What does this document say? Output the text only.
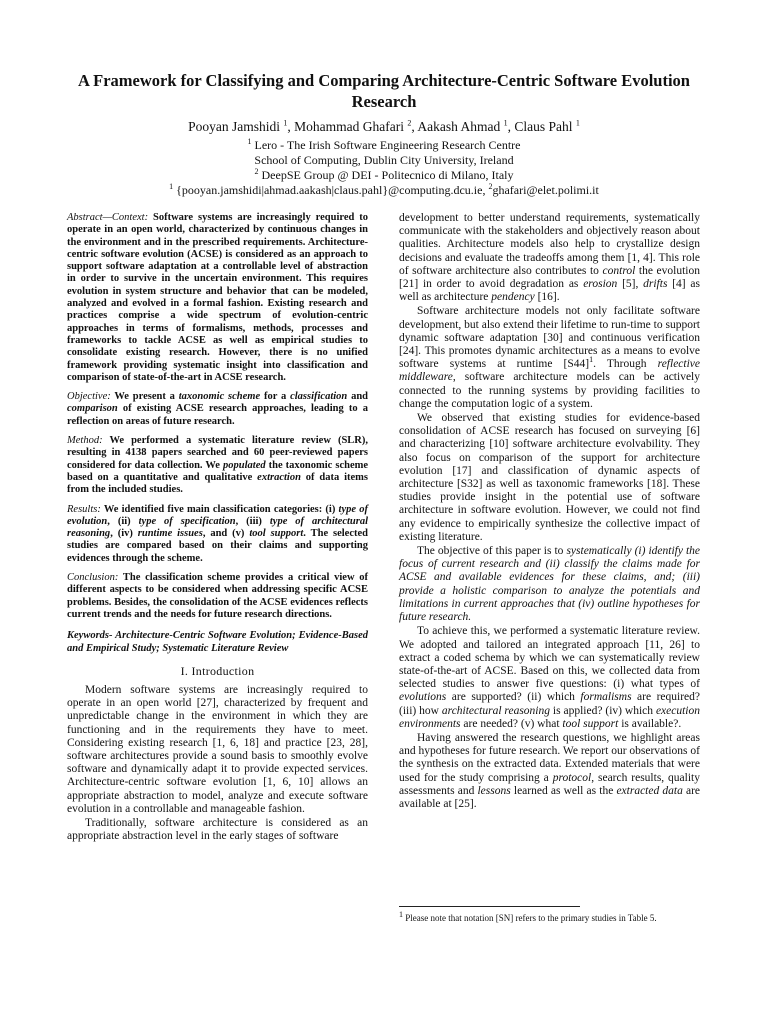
A Framework for Classifying and Comparing Architecture-Centric Software Evolution Research
Pooyan Jamshidi $^1$, Mohammad Ghafari $^2$, Aakash Ahmad $^1$, Claus Pahl $^1$
$^1$ Lero - The Irish Software Engineering Research Centre
School of Computing, Dublin City University, Ireland
$^2$ DeepSE Group @ DEI - Politecnico di Milano, Italy
$^1$ {pooyan.jamshidi|ahmad.aakash|claus.pahl}@computing.dcu.ie, $^2$ghafari@elet.polimi.it

Abstract—Context: Software systems are increasingly required to operate in an open world, characterized by continuous changes in the environment and in the prescribed requirements. Architecture-centric software evolution (ACSE) is considered as an approach to support software adaptation at a controllable level of abstraction in order to survive in the uncertain environment. This requires evolution in system structure and behavior that can be modeled, analyzed and evolved in a formal fashion. Existing research and practices comprise a wide spectrum of evolution-centric approaches in terms of formalisms, methods, processes and frameworks to tackle ACSE as well as empirical studies to consolidate existing research. However, there is no unified framework providing systematic insight into classification and comparison of state-of-the-art in ACSE research.

Objective: We present a taxonomic scheme for a classification and comparison of existing ACSE research approaches, leading to a reflection on areas of future research.

Method: We performed a systematic literature review (SLR), resulting in 4138 papers searched and 60 peer-reviewed papers considered for data collection. We populated the taxonomic scheme based on a quantitative and qualitative extraction of data items from the included studies.

Results: We identified five main classification categories: (i) type of evolution, (ii) type of specification, (iii) type of architectural reasoning, (iv) runtime issues, and (v) tool support. The selected studies are compared based on their claims and supporting evidences through the scheme.

Conclusion: The classification scheme provides a critical view of different aspects to be considered when addressing specific ACSE problems. Besides, the consolidation of the ACSE evidences reflects current trends and the needs for future research directions.

Keywords- Architecture-Centric Software Evolution; Evidence-Based and Empirical Study; Systematic Literature Review
I. Introduction

Modern software systems are increasingly required to operate in an open world [27], characterized by frequent and unpredictable change in the environment in which they are functioning and in the requirements they have to meet. Considering existing research [1, 6, 18] and practice [23, 28], software architectures provide a sound basis to smoothly evolve software and dynamically adapt it to provide expected services. Architecture-centric software evolution [1, 6, 10] allows an appropriate abstraction to model, analyze and execute software evolution in a controllable and manageable fashion.

Traditionally, software architecture is considered as an appropriate abstraction level in the early stages of software

development to better understand requirements, systematically communicate with the stakeholders and objectively reason about qualities. Architecture models also help to crystallize design decisions and evaluate the tradeoffs among them [1, 4]. This role of software architecture also contributes to control the evolution [21] in order to avoid degradation as erosion [5], drifts [4] as well as architecture pendency [16].

Software architecture models not only facilitate software development, but also extend their lifetime to run-time to support dynamic software adaptation [30] and continuous verification [24]. This promotes dynamic architectures as a means to evolve software systems at runtime $[S44]^1$. Through reflective middleware, software architecture models can be actively connected to the running systems by providing facilities to change the computation logic of a system.

We observed that existing studies for evidence-based consolidation of ACSE research has focused on surveying [6] and characterizing [10] software architecture evolvability. They also focus on comparison of the support for architecture evolution [17] and classification of dynamic aspects of architecture [S32] as well as taxonomic frameworks [18]. These studies provide insight in the potential use of software architecture in software evolution. However, we could not find any evidence to empirically synthesize the collective impact of existing literature.

The objective of this paper is to systematically (i) identify the focus of current research and (ii) classify the claims made for ACSE and available evidences for these claims, and; (iii) provide a holistic comparison to analyze the potentials and limitations in current approaches that (iv) outline hypotheses for future research.

To achieve this, we performed a systematic literature review. We adopted and tailored an integrated approach [11, 26] to extract a coded schema by which we can systematically review state-of-the-art of ACSE. Based on this, we collected data from selected studies to answer five questions: (i) what types of evolutions are supported? (ii) which formalisms are required? (iii) how architectural reasoning is applied? (iv) which execution environments are needed? (v) what tool support is available?.

Having answered the research questions, we highlight areas and hypotheses for future research. We report our observations of the synthesis on the extracted data. Extended materials that were used for the study comprising a protocol, search results, quality assessments and lessons learned as well as the extracted data are available at [25].

$^1$ Please note that notation [SN] refers to the primary studies in Table 5.
